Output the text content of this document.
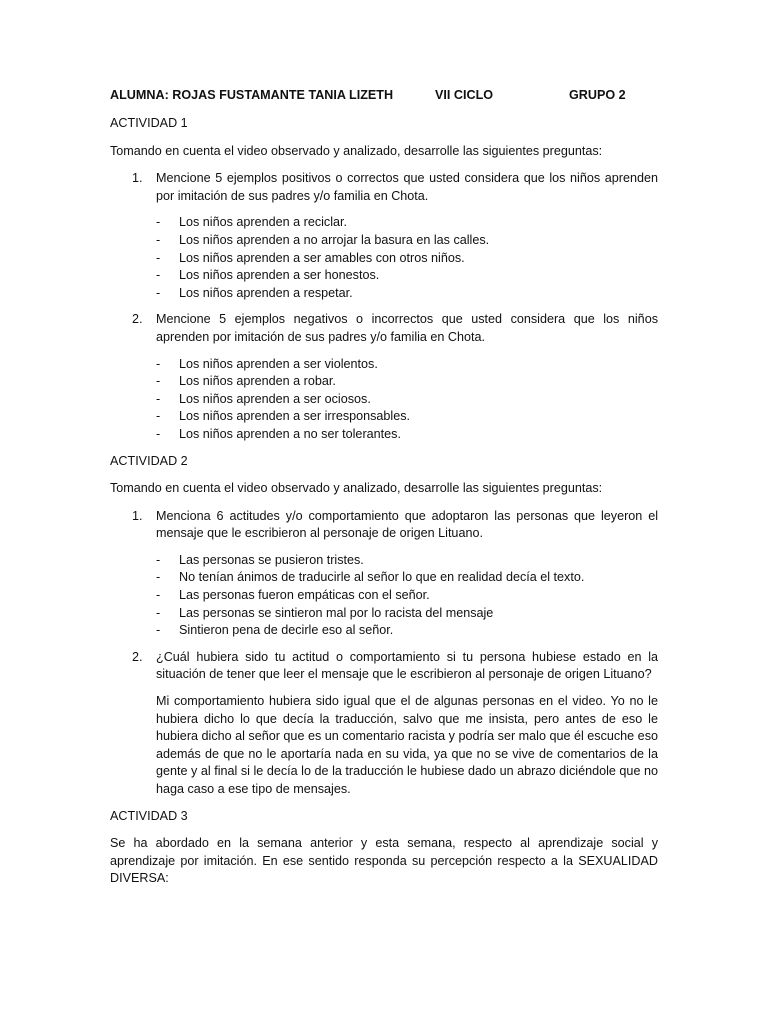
ALUMNA: ROJAS FUSTAMANTE TANIA LIZETH	VII CICLO	GRUPO 2

ACTIVIDAD 1

Tomando en cuenta el video observado y analizado, desarrolle las siguientes preguntas:

1. Mencione 5 ejemplos positivos o correctos que usted considera que los niños aprenden por imitación de sus padres y/o familia en Chota.
- Los niños aprenden a reciclar.
- Los niños aprenden a no arrojar la basura en las calles.
- Los niños aprenden a ser amables con otros niños.
- Los niños aprenden a ser honestos.
- Los niños aprenden a respetar.
2. Mencione 5 ejemplos negativos o incorrectos que usted considera que los niños aprenden por imitación de sus padres y/o familia en Chota.
- Los niños aprenden a ser violentos.
- Los niños aprenden a robar.
- Los niños aprenden a ser ociosos.
- Los niños aprenden a ser irresponsables.
- Los niños aprenden a no ser tolerantes.

ACTIVIDAD 2

Tomando en cuenta el video observado y analizado, desarrolle las siguientes preguntas:

1. Menciona 6 actitudes y/o comportamiento que adoptaron las personas que leyeron el mensaje que le escribieron al personaje de origen Lituano.
- Las personas se pusieron tristes.
- No tenían ánimos de traducirle al señor lo que en realidad decía el texto.
- Las personas fueron empáticas con el señor.
- Las personas se sintieron mal por lo racista del mensaje
- Sintieron pena de decirle eso al señor.
2. ¿Cuál hubiera sido tu actitud o comportamiento si tu persona hubiese estado en la situación de tener que leer el mensaje que le escribieron al personaje de origen Lituano?
Mi comportamiento hubiera sido igual que el de algunas personas en el video. Yo no le hubiera dicho lo que decía la traducción, salvo que me insista, pero antes de eso le hubiera dicho al señor que es un comentario racista y podría ser malo que él escuche eso además de que no le aportaría nada en su vida, ya que no se vive de comentarios de la gente y al final si le decía lo de la traducción le hubiese dado un abrazo diciéndole que no haga caso a ese tipo de mensajes.

ACTIVIDAD 3

Se ha abordado en la semana anterior y esta semana, respecto al aprendizaje social y aprendizaje por imitación. En ese sentido responda su percepción respecto a la SEXUALIDAD DIVERSA:
